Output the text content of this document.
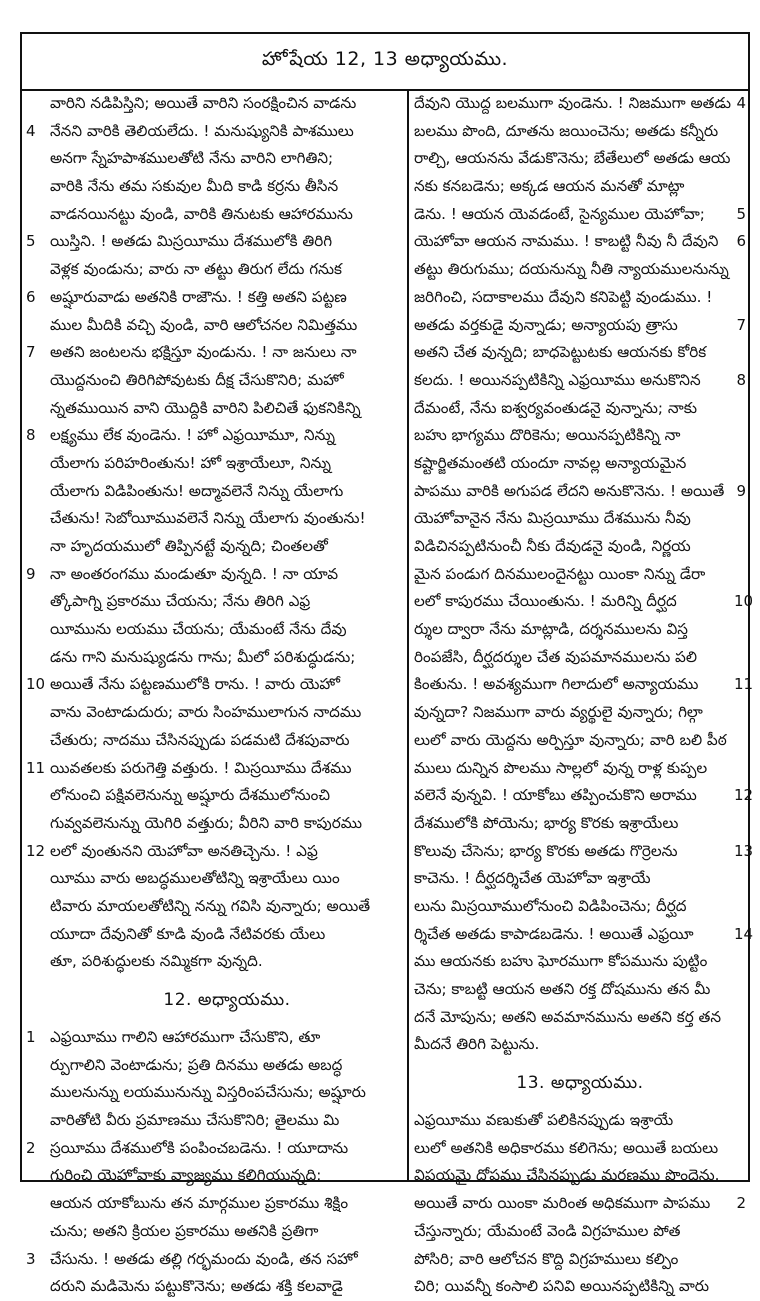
హోషేయ 12, 13 అధ్యాయము.
వారిని నడిపిస్తిని; అయితే వారిని సంరక్షించిన వాడను
4 నేనని వారికి తెలియలేదు. ! మనుష్యునికి పాశములు
అనగా స్నేహపాశములతోటి నేను వారిని లాగితిని;
వారికి నేను తమ సకువుల మీది కాడి కర్రను తీసిన
వాడనయినట్టు వుండి, వారికి తినుటకు ఆహారమును
5 యిస్తిని. ! అతడు మిస్రయీము దేశములోకి తిరిగి
వెళ్లక వుండును; వారు నా తట్టు తిరుగ లేదు గనుక
6 అష్షూరువాడు అతనికి రాజౌను. ! కత్తి అతని పట్టణ
ముల మీదికి వచ్చి వుండి, వారి ఆలోచనల నిమిత్తము
7 అతని జంటలను భక్షిస్తూ వుండును. ! నా జనులు నా
యొద్దనుంచి తిరిగిపోవుటకు దీక్ష చేసుకొనిరి; మహో
న్నతముయిన వాని యొద్దికి వారిని పిలిచితే ఫుకనికిన్ని
8 లక్ష్యము లేక వుండెను. ! హో ఎఫ్రయీమూ, నిన్ను
యేలాగు పరిహరింతును! హో ఇశ్రాయేలూ, నిన్ను
యేలాగు విడిపింతును! అద్మావలెనే నిన్ను యేలాగు
చేతును! సెబోయీమువలెనే నిన్ను యేలాగు వుంతును!
నా హృదయములో తిప్పినట్టే వున్నది; చింతలతో
9 నా అంతరంగము మండుతూ వున్నది. ! నా యావ
త్కోపాగ్ని ప్రకారము చేయను; నేను తిరిగి ఎఫ్ర
యీమును లయము చేయను; యేమంటే నేను దేవు
డను గాని మనుష్యుడను గాను; మీలో పరిశుద్ధుడను;
10 అయితే నేను పట్టణములోకి రాను. ! వారు యెహో
వాను వెంటాడుదురు; వారు సింహములాగున నాదము
చేతురు; నాదము చేసినప్పుడు పడమటి దేశపువారు
11 యివతలకు పరుగెత్తి వత్తురు. ! మిస్రయీము దేశము
లోనుంచి పక్షివలెనున్ను అష్షూరు దేశములోనుంచి
గువ్వవలెనున్ను యెగిరి వత్తురు; వీరిని వారి కాపురము
12 లలో వుంతునని యెహోవా అనతిచ్చెను. ! ఎఫ్ర
యీము వారు అబద్ధములతోటిన్ని ఇశ్రాయేలు యిం
టివారు మాయలతోటిన్ని నన్ను గవిసి వున్నారు; అయితే
యూదా దేవునితో కూడి వుండి నేటివరకు యేలు
తూ, పరిశుద్ధులకు నమ్మికగా వున్నది.
12. అధ్యాయము.
1 ఎఫ్రయీము గాలిని ఆహారముగా చేసుకొని, తూ
ర్పుగాలిని వెంటాడును; ప్రతి దినము అతడు అబద్ధ
ములనున్ను లయమునున్ను విస్తరింపచేసును; అష్షూరు
వారితోటి వీరు ప్రమాణము చేసుకొనిరి; తైలము మి
2 స్రయీము దేశములోకి పంపించబడెను. ! యూదాను
గురించి యెహోవాకు వ్యాజ్యము కలిగియున్నది;
ఆయన యాకోబును తన మార్గముల ప్రకారము శిక్షిం
చును; అతని క్రియల ప్రకారము అతనికి ప్రతిగా
3 చేసును. ! అతడు తల్లి గర్భమందు వుండి, తన సహో
దరుని మడిమెను పట్టుకొనెను; అతడు శక్తి కలవాడై
4
దేవుని యొద్ద బలముగా వుండెను. ! నిజముగా అతడు
బలము పొంది, దూతను జయించెను; అతడు కన్నీరు
రాల్చి, ఆయనను వేడుకొనెను; బేతేలులో అతడు ఆయ
నకు కనబడెను; అక్కడ ఆయన మనతో మాట్లా
5
డెను. ! ఆయన యెవడంటే, సైన్యముల యెహోవా;
6
యెహోవా ఆయన నామము. ! కాబట్టి నీవు నీ దేవుని
తట్టు తిరుగుము; దయనున్ను నీతి న్యాయములనున్ను
జరిగించి, సదాకాలము దేవుని కనిపెట్టి వుండుము. !
7
అతడు వర్తకుడై వున్నాడు; అన్యాయపు త్రాసు
అతని చేత వున్నది; బాధపెట్టుటకు ఆయనకు కోరిక
8
కలదు. ! అయినప్పటికిన్ని ఎఫ్రయీము అనుకొనిన
దేమంటే, నేను ఐశ్వర్యవంతుడనై వున్నాను; నాకు
బహు భాగ్యము దొరికెను; అయినప్పటికిన్ని నా
కష్టార్జితమంతటి యందూ నావల్ల అన్యాయమైన
9
పాపము వారికి అగుపడ లేదని అనుకొనెను. ! అయితే
యెహోవానైన నేను మిస్రయీము దేశమును నీవు
విడిచినప్పటినుంచీ నీకు దేవుడనై వుండి, నిర్ణయ
మైన పండుగ దినములందైనట్టు యింకా నిన్ను డేరా
10
లలో కాపురము చేయింతును. ! మరిన్ని దీర్ఘద
ర్శుల ద్వారా నేను మాట్లాడి, దర్శనములను విస్త
రింపజేసి, దీర్ఘదర్శుల చేత వుపమానములను పలి
11
కింతును. ! అవశ్యముగా గిలాదులో అన్యాయము
వున్నదా? నిజముగా వారు వ్యర్థులై వున్నారు; గిల్గా
లులో వారు యెద్దను అర్పిస్తూ వున్నారు; వారి బలి పీఠ
ములు దున్నిన పొలము సాల్లలో వున్న రాళ్ల కుప్పల
12
వలెనే వున్నవి. ! యాకోబు తప్పించుకొని అరాము
దేశములోకి పోయెను; భార్య కొరకు ఇశ్రాయేలు
13
కొలువు చేసెను; భార్య కొరకు అతడు గొర్రెలను
కాచెను. ! దీర్ఘదర్శిచేత యెహోవా ఇశ్రాయే
లును మిస్రయీములోనుంచి విడిపించెను; దీర్ఘద
14
ర్శిచేత అతడు కాపాడబడెను. ! అయితే ఎఫ్రయీ
ము ఆయనకు బహు ఘోరముగా కోపమును పుట్టిం
చెను; కాబట్టి ఆయన అతని రక్త దోషమును తన మీ
దనే మోపును; అతని అవమానమును అతని కర్త తన
మీదనే తిరిగి పెట్టును.
13. అధ్యాయము.
ఎఫ్రయీము వణుకుతో పలికినప్పుడు ఇశ్రాయే
లులో అతనికి అధికారము కలిగెను; అయితే బయలు
విషయమై దోషము చేసినప్పుడు మరణము పొందెను.
2
అయితే వారు యింకా మరింత అధికముగా పాపము
చేస్తున్నారు; యేమంటే వెండి విగ్రహముల పోత
పోసిరి; వారి ఆలోచన కొద్ది విగ్రహములు కల్పిం
చిరి; యివన్నీ కంసాలి పనివి అయినప్పటికిన్ని వారు
